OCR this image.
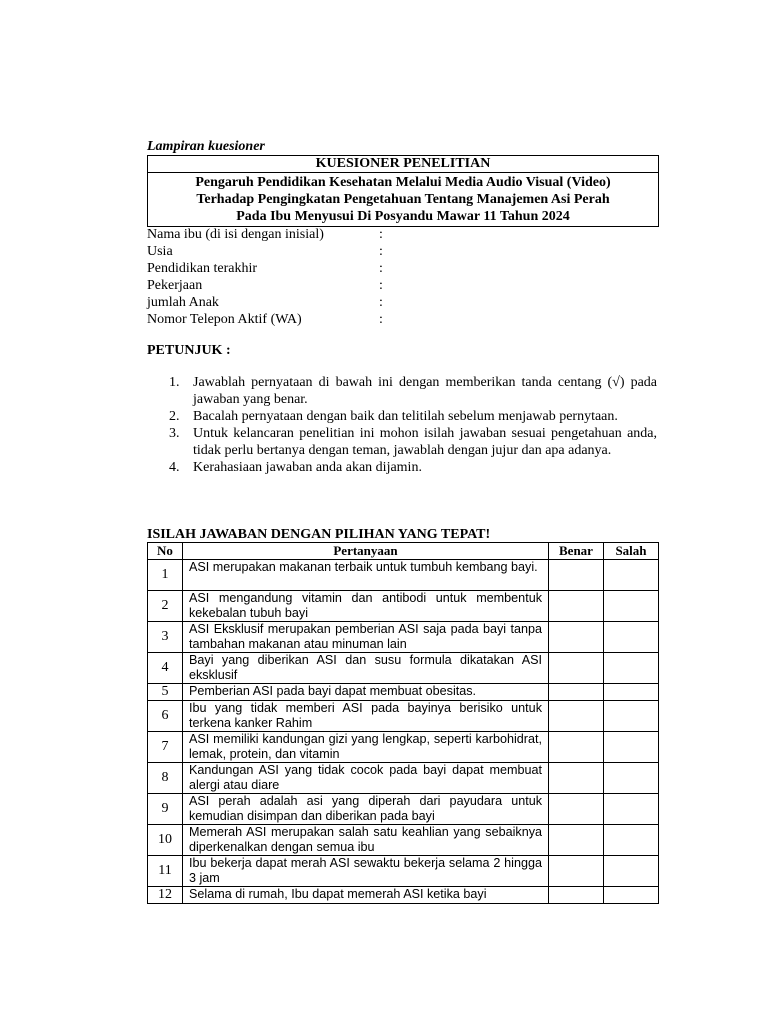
Lampiran kuesioner
KUESIONER PENELITIAN
Pengaruh Pendidikan Kesehatan Melalui Media Audio Visual (Video)
Terhadap Pengingkatan Pengetahuan Tentang Manajemen Asi Perah
Pada Ibu Menyusui Di Posyandu Mawar 11 Tahun 2024
Nama ibu (di isi dengan inisial)	:
Usia	:
Pendidikan terakhir	:
Pekerjaan	:
jumlah Anak	:
Nomor Telepon Aktif (WA)	:
PETUNJUK :
1. Jawablah pernyataan di bawah ini dengan memberikan tanda centang (√) pada jawaban yang benar.
2. Bacalah pernyataan dengan baik dan telitilah sebelum menjawab pernytaan.
3. Untuk kelancaran penelitian ini mohon isilah jawaban sesuai pengetahuan anda, tidak perlu bertanya dengan teman, jawablah dengan jujur dan apa adanya.
4. Kerahasiaan jawaban anda akan dijamin.
ISILAH JAWABAN DENGAN PILIHAN YANG TEPAT!
No	Pertanyaan	Benar	Salah
1	ASI merupakan makanan terbaik untuk tumbuh kembang bayi.		
2	ASI mengandung vitamin dan antibodi untuk membentuk kekebalan tubuh bayi		
3	ASI Eksklusif merupakan pemberian ASI saja pada bayi tanpa tambahan makanan atau minuman lain		
4	Bayi yang diberikan ASI dan susu formula dikatakan ASI eksklusif		
5	Pemberian ASI pada bayi dapat membuat obesitas.		
6	Ibu yang tidak memberi ASI pada bayinya berisiko untuk terkena kanker Rahim		
7	ASI memiliki kandungan gizi yang lengkap, seperti karbohidrat, lemak, protein, dan vitamin		
8	Kandungan ASI yang tidak cocok pada bayi dapat membuat alergi atau diare		
9	ASI perah adalah asi yang diperah dari payudara untuk kemudian disimpan dan diberikan pada bayi		
10	Memerah ASI merupakan salah satu keahlian yang sebaiknya diperkenalkan dengan semua ibu		
11	Ibu bekerja dapat merah ASI sewaktu bekerja selama 2 hingga 3 jam		
12	Selama di rumah, Ibu dapat memerah ASI ketika bayi		
